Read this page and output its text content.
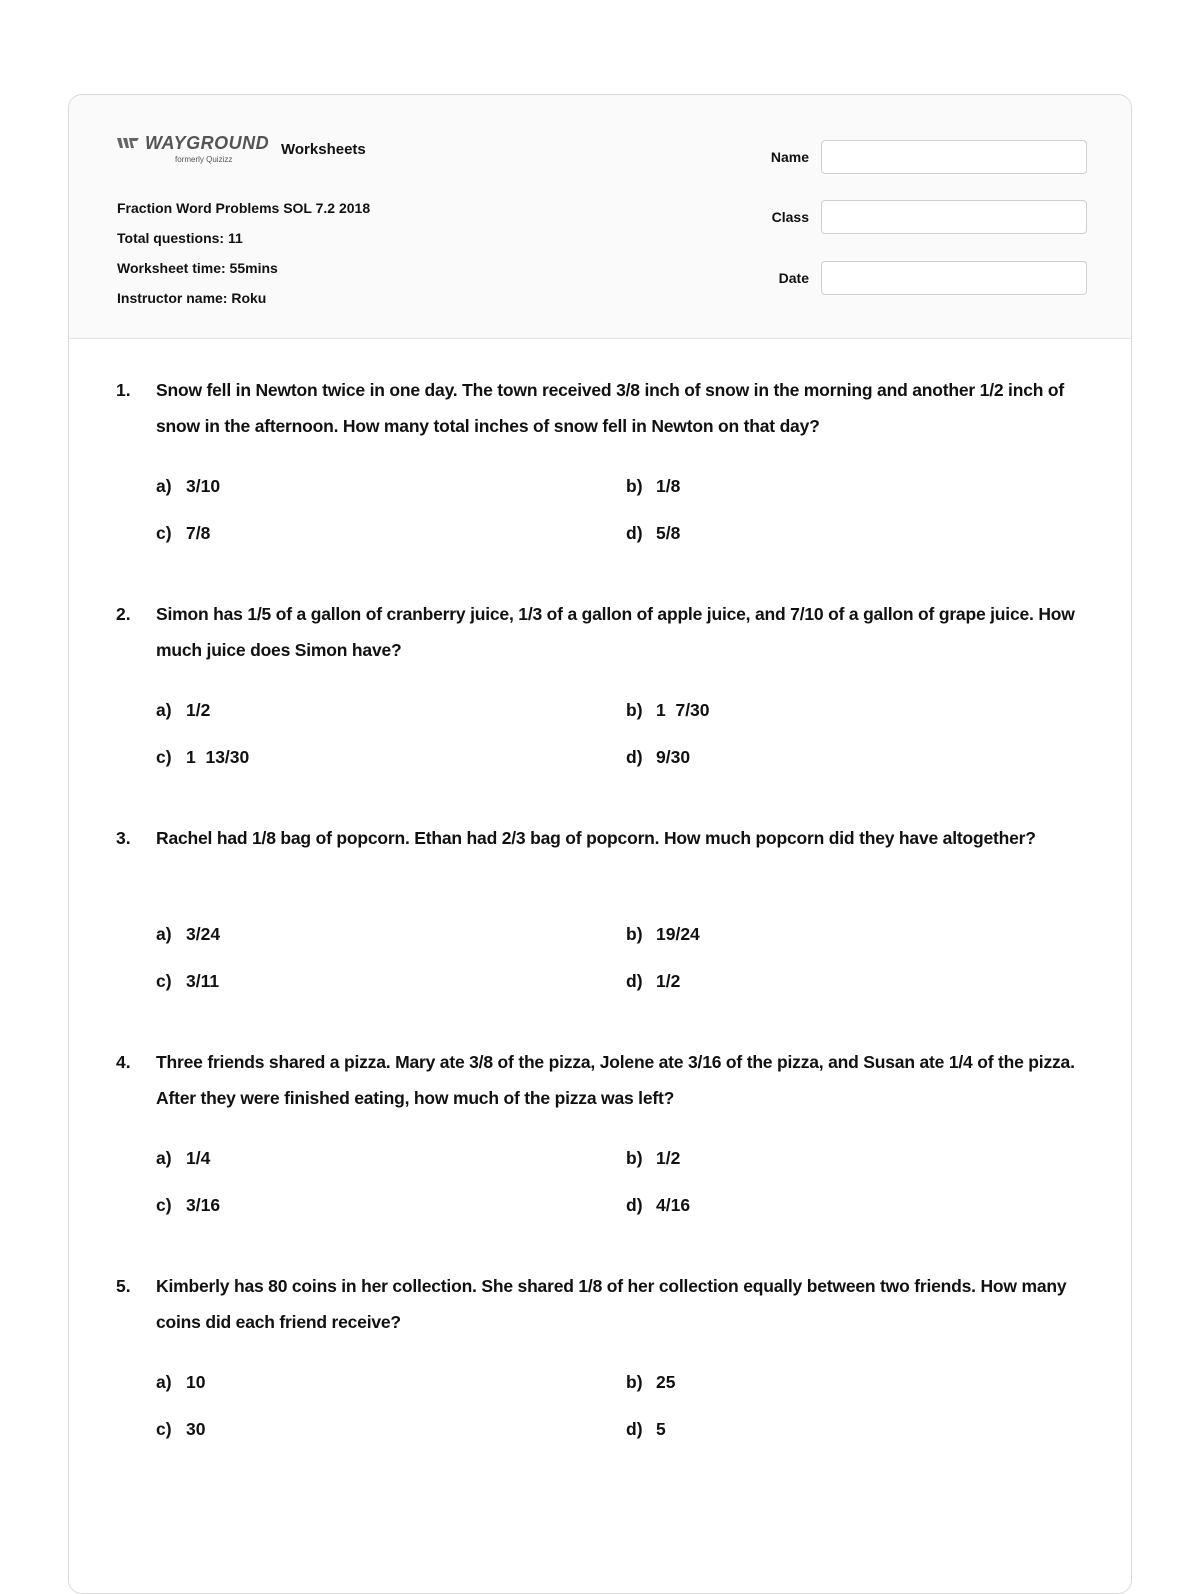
WAYGROUND
formerly Quizizz
Worksheets
Fraction Word Problems SOL 7.2 2018
Total questions: 11
Worksheet time: 55mins
Instructor name: Roku
Name
Class
Date
1. Snow fell in Newton twice in one day. The town received 3/8 inch of snow in the morning and another 1/2 inch of snow in the afternoon. How many total inches of snow fell in Newton on that day?
a) 3/10	b) 1/8
c) 7/8	d) 5/8
2. Simon has 1/5 of a gallon of cranberry juice, 1/3 of a gallon of apple juice, and 7/10 of a gallon of grape juice. How much juice does Simon have?
a) 1/2	b) 1  7/30
c) 1  13/30	d) 9/30
3. Rachel had 1/8 bag of popcorn. Ethan had 2/3 bag of popcorn. How much popcorn did they have altogether?
a) 3/24	b) 19/24
c) 3/11	d) 1/2
4. Three friends shared a pizza. Mary ate 3/8 of the pizza, Jolene ate 3/16 of the pizza, and Susan ate 1/4 of the pizza. After they were finished eating, how much of the pizza was left?
a) 1/4	b) 1/2
c) 3/16	d) 4/16
5. Kimberly has 80 coins in her collection. She shared 1/8 of her collection equally between two friends. How many coins did each friend receive?
a) 10	b) 25
c) 30	d) 5
